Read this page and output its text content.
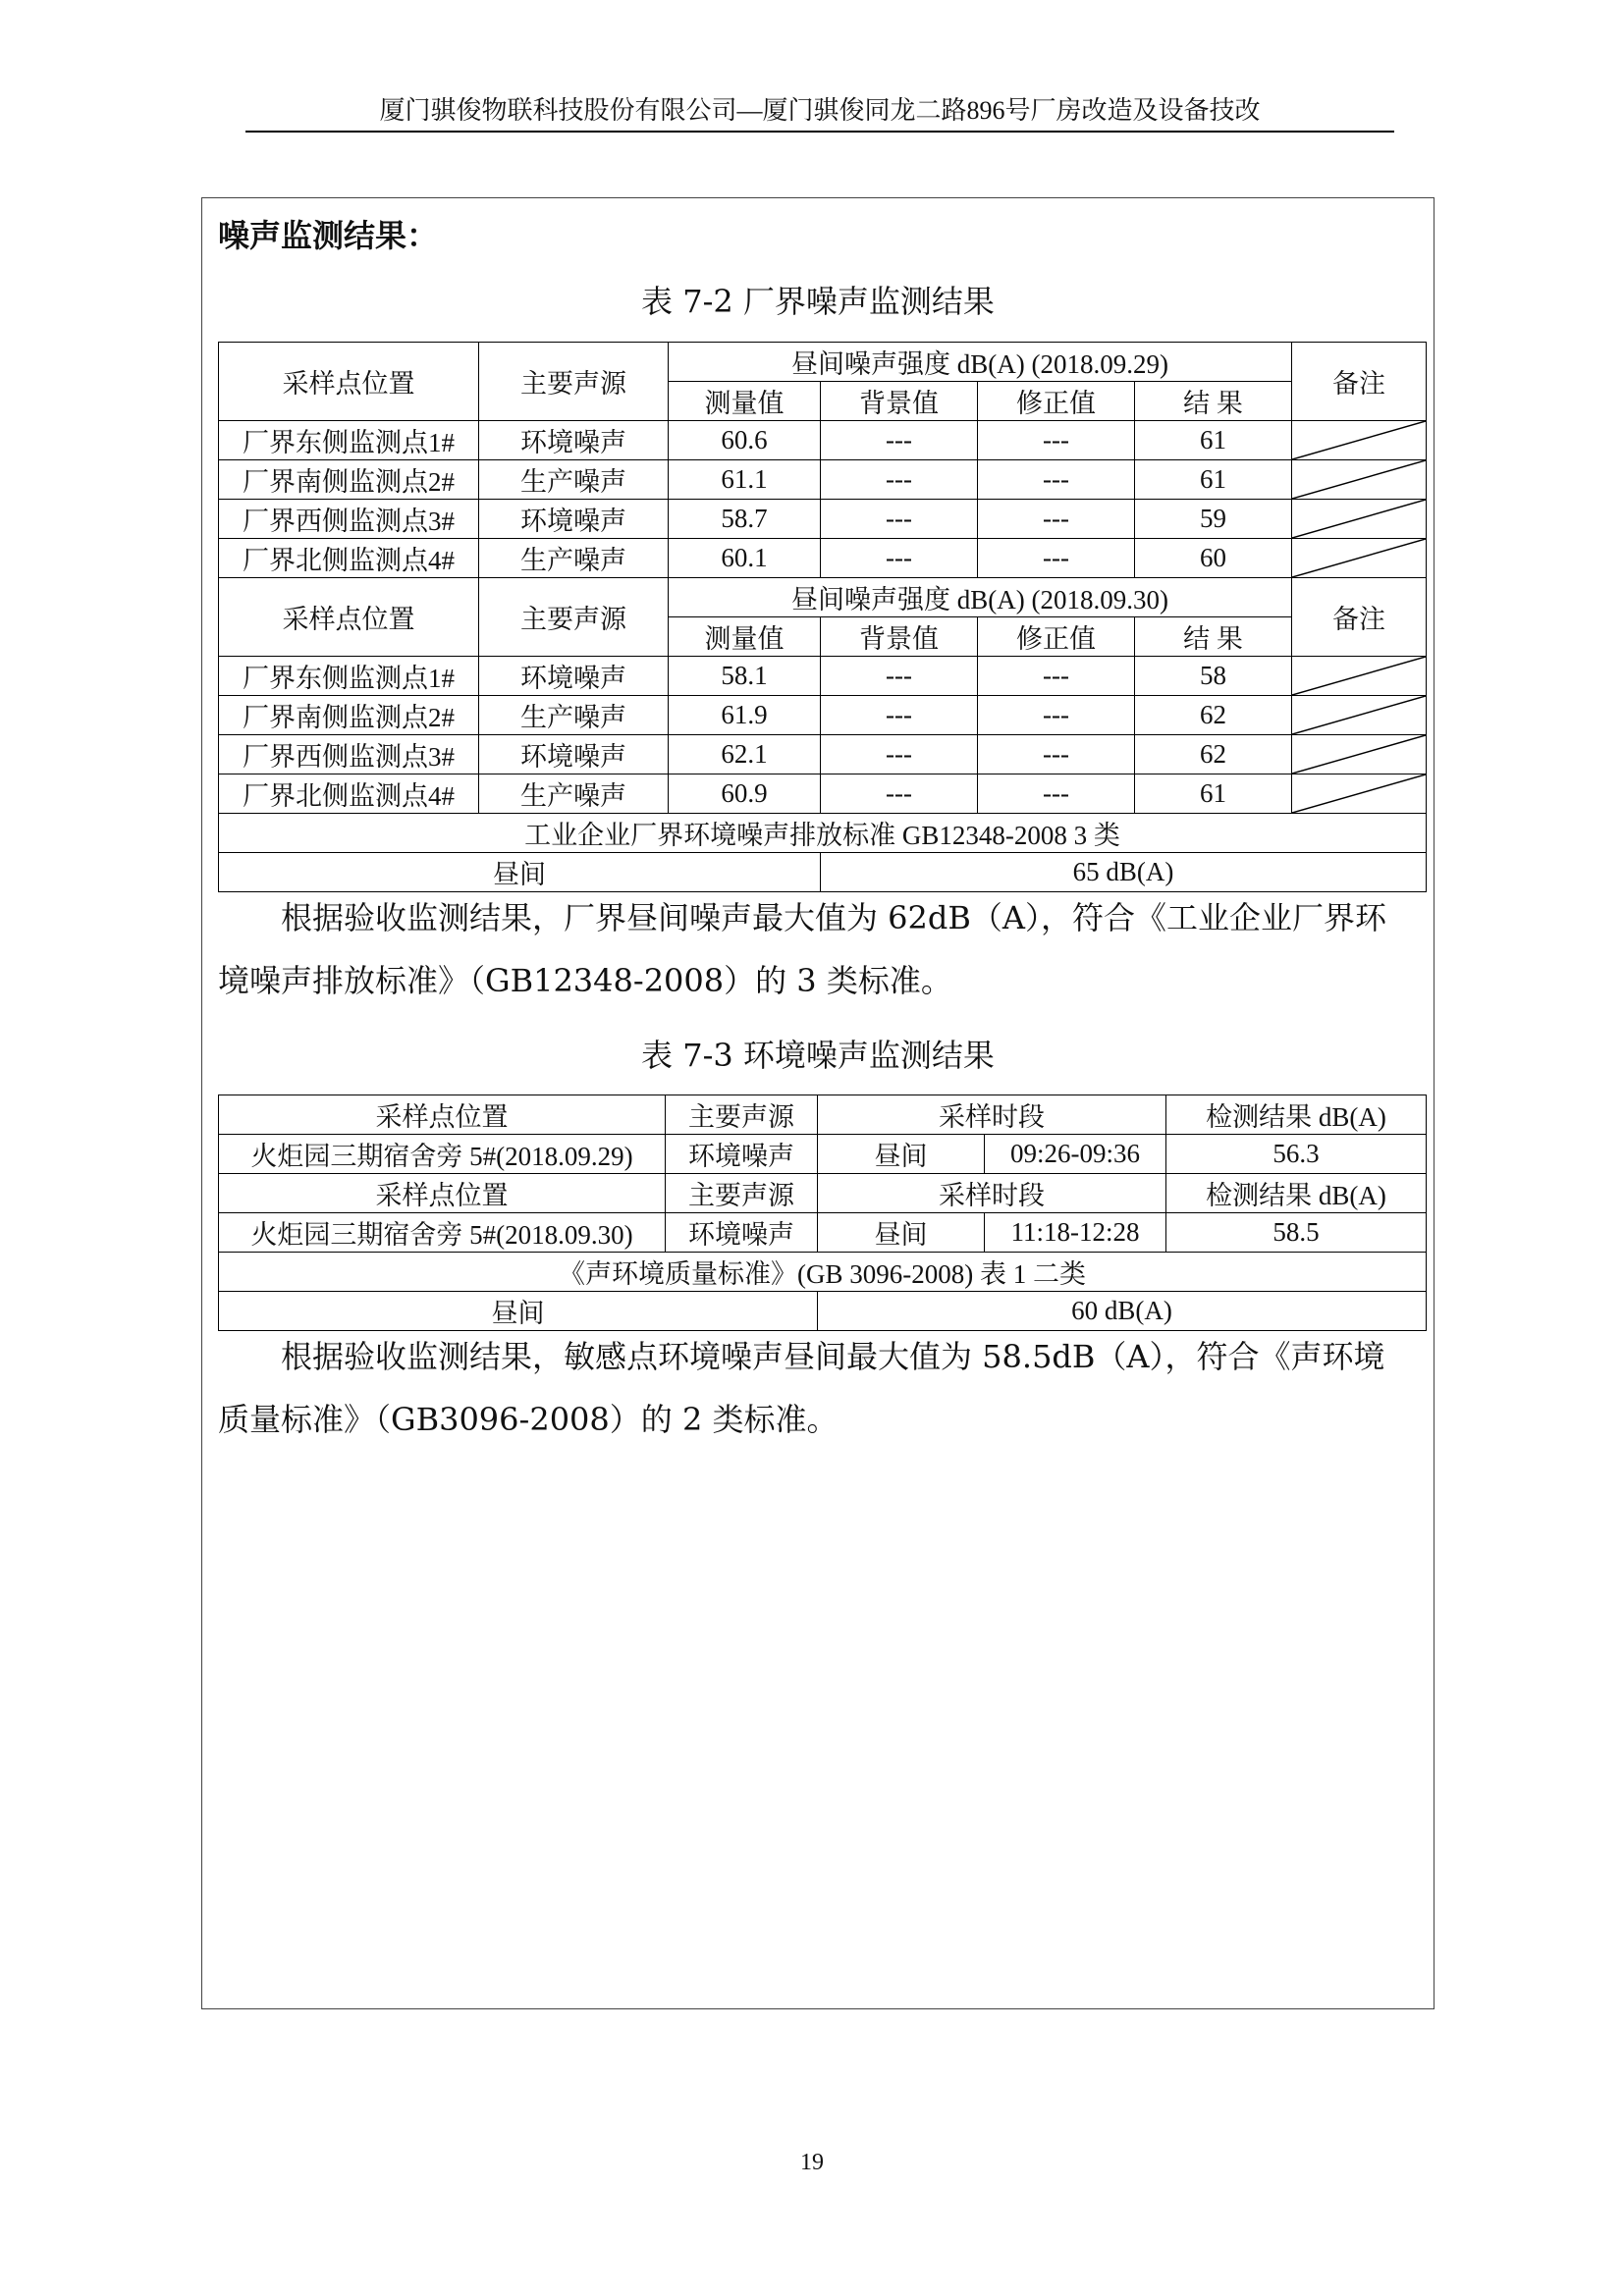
厦门骐俊物联科技股份有限公司—厦门骐俊同龙二路896号厂房改造及设备技改
噪声监测结果：
表 7-2 厂界噪声监测结果
采样点位置	主要声源	昼间噪声强度 dB(A) (2018.09.29)				备注
		测量值	背景值	修正值	结 果	
厂界东侧监测点1#	环境噪声	60.6	---	---	61	

厂界南侧监测点2#	生产噪声	61.1	---	---	61	

厂界西侧监测点3#	环境噪声	58.7	---	---	59	

厂界北侧监测点4#	生产噪声	60.1	---	---	60	

采样点位置	主要声源	昼间噪声强度 dB(A) (2018.09.30)				备注
		测量值	背景值	修正值	结 果	
厂界东侧监测点1#	环境噪声	58.1	---	---	58	

厂界南侧监测点2#	生产噪声	61.9	---	---	62	

厂界西侧监测点3#	环境噪声	62.1	---	---	62	

厂界北侧监测点4#	生产噪声	60.9	---	---	61	

工业企业厂界环境噪声排放标准 GB12348-2008 3 类						
昼间			65 dB(A)			
根据验收监测结果，厂界昼间噪声最大值为 62dB（A），符合《工业企业厂界环
境噪声排放标准》（GB12348-2008）的 3 类标准。
表 7-3 环境噪声监测结果
采样点位置	主要声源	采样时段		检测结果 dB(A)
火炬园三期宿舍旁 5#(2018.09.29)	环境噪声	昼间	09:26-09:36	56.3
采样点位置	主要声源	采样时段		检测结果 dB(A)
火炬园三期宿舍旁 5#(2018.09.30)	环境噪声	昼间	11:18-12:28	58.5
《声环境质量标准》(GB 3096-2008) 表 1 二类				
昼间		60 dB(A)		
根据验收监测结果，敏感点环境噪声昼间最大值为 58.5dB（A），符合《声环境
质量标准》（GB3096-2008）的 2 类标准。
19
